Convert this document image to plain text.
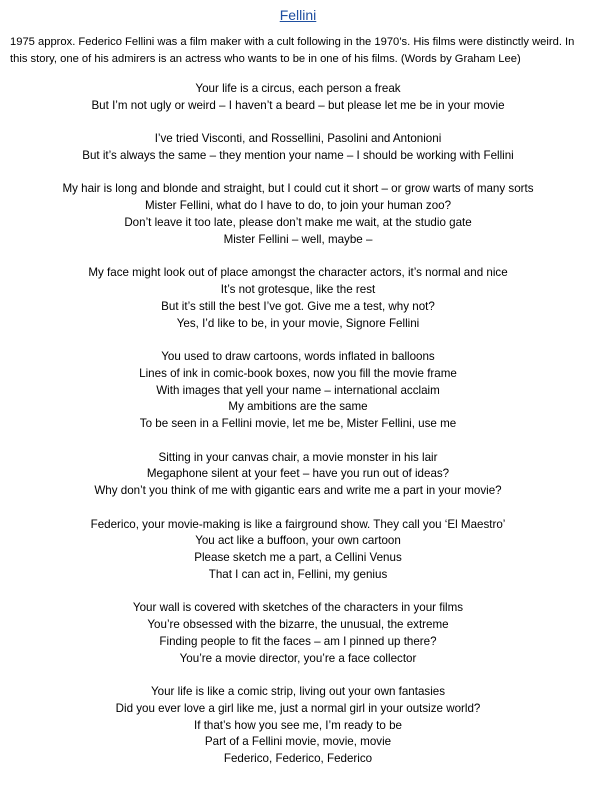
Fellini

1975 approx. Federico Fellini was a film maker with a cult following in the 1970’s. His films were distinctly weird. In this story, one of his admirers is an actress who wants to be in one of his films. (Words by Graham Lee)

Your life is a circus, each person a freak
But I’m not ugly or weird – I haven’t a beard – but please let me be in your movie
I’ve tried Visconti, and Rossellini, Pasolini and Antonioni
But it’s always the same – they mention your name – I should be working with Fellini
My hair is long and blonde and straight, but I could cut it short – or grow warts of many sorts
Mister Fellini, what do I have to do, to join your human zoo?
Don’t leave it too late, please don’t make me wait, at the studio gate
Mister Fellini – well, maybe –
My face might look out of place amongst the character actors, it’s normal and nice
It’s not grotesque, like the rest
But it’s still the best I’ve got. Give me a test, why not?
Yes, I’d like to be, in your movie, Signore Fellini
You used to draw cartoons, words inflated in balloons
Lines of ink in comic-book boxes, now you fill the movie frame
With images that yell your name – international acclaim
My ambitions are the same
To be seen in a Fellini movie, let me be, Mister Fellini, use me
Sitting in your canvas chair, a movie monster in his lair
Megaphone silent at your feet – have you run out of ideas?
Why don’t you think of me with gigantic ears and write me a part in your movie?
Federico, your movie-making is like a fairground show. They call you ‘El Maestro’
You act like a buffoon, your own cartoon
Please sketch me a part, a Cellini Venus
That I can act in, Fellini, my genius
Your wall is covered with sketches of the characters in your films
You’re obsessed with the bizarre, the unusual, the extreme
Finding people to fit the faces – am I pinned up there?
You’re a movie director, you’re a face collector
Your life is like a comic strip, living out your own fantasies
Did you ever love a girl like me, just a normal girl in your outsize world?
If that’s how you see me, I’m ready to be
Part of a Fellini movie, movie, movie
Federico, Federico, Federico
